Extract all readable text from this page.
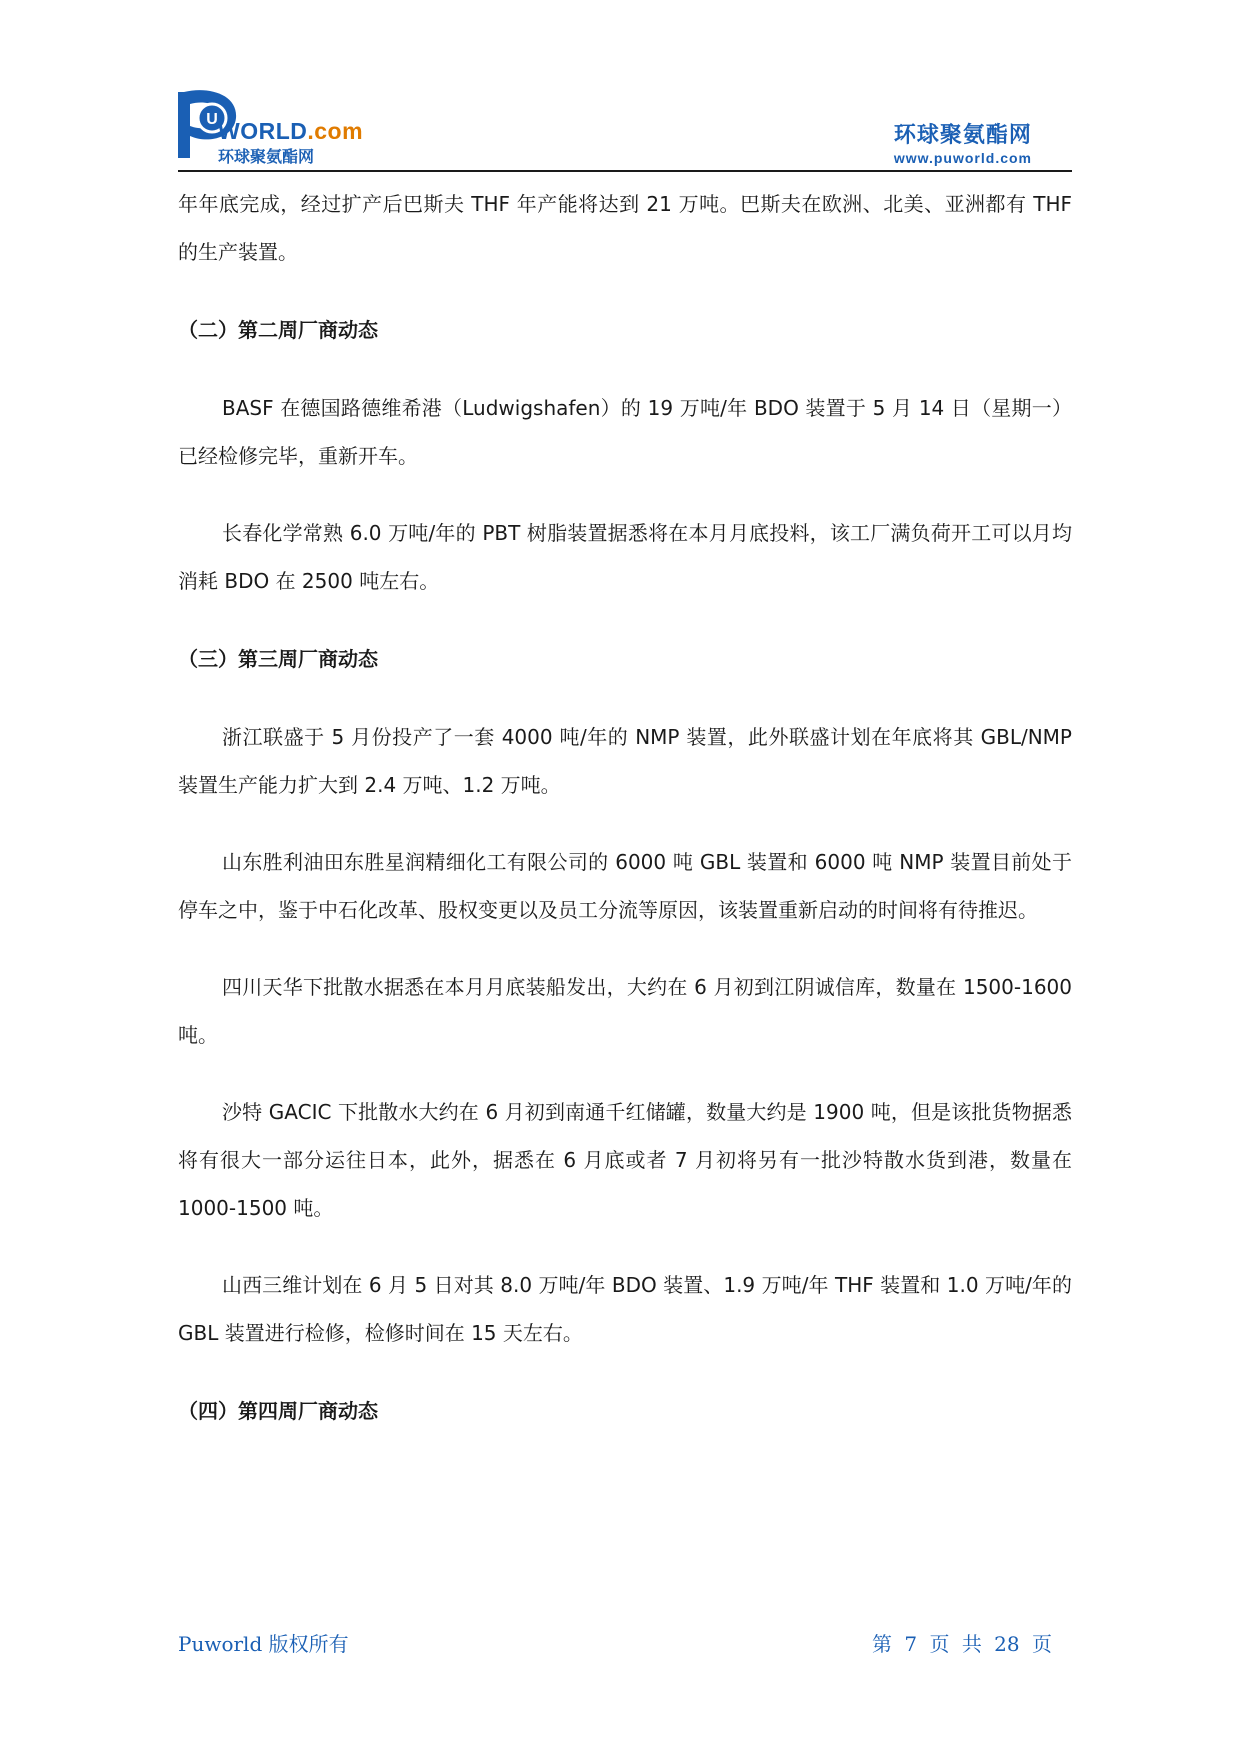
U WORLD.com
环球聚氨酯网
环球聚氨酯网
www.puworld.com

年年底完成，经过扩产后巴斯夫 THF 年产能将达到 21 万吨。巴斯夫在欧洲、北美、亚洲都有 THF 的生产装置。

（二）第二周厂商动态

BASF 在德国路德维希港（Ludwigshafen）的 19 万吨/年 BDO 装置于 5 月 14 日（星期一）已经检修完毕，重新开车。

长春化学常熟 6.0 万吨/年的 PBT 树脂装置据悉将在本月月底投料，该工厂满负荷开工可以月均消耗 BDO 在 2500 吨左右。

（三）第三周厂商动态

浙江联盛于 5 月份投产了一套 4000 吨/年的 NMP 装置，此外联盛计划在年底将其 GBL/NMP 装置生产能力扩大到 2.4 万吨、1.2 万吨。

山东胜利油田东胜星润精细化工有限公司的 6000 吨 GBL 装置和 6000 吨 NMP 装置目前处于停车之中，鉴于中石化改革、股权变更以及员工分流等原因，该装置重新启动的时间将有待推迟。

四川天华下批散水据悉在本月月底装船发出，大约在 6 月初到江阴诚信库，数量在 1500-1600 吨。

沙特 GACIC 下批散水大约在 6 月初到南通千红储罐，数量大约是 1900 吨，但是该批货物据悉将有很大一部分运往日本，此外，据悉在 6 月底或者 7 月初将另有一批沙特散水货到港，数量在 1000-1500 吨。

山西三维计划在 6 月 5 日对其 8.0 万吨/年 BDO 装置、1.9 万吨/年 THF 装置和 1.0 万吨/年的 GBL 装置进行检修，检修时间在 15 天左右。

（四）第四周厂商动态
Puworld 版权所有	第 7 页 共 28 页
